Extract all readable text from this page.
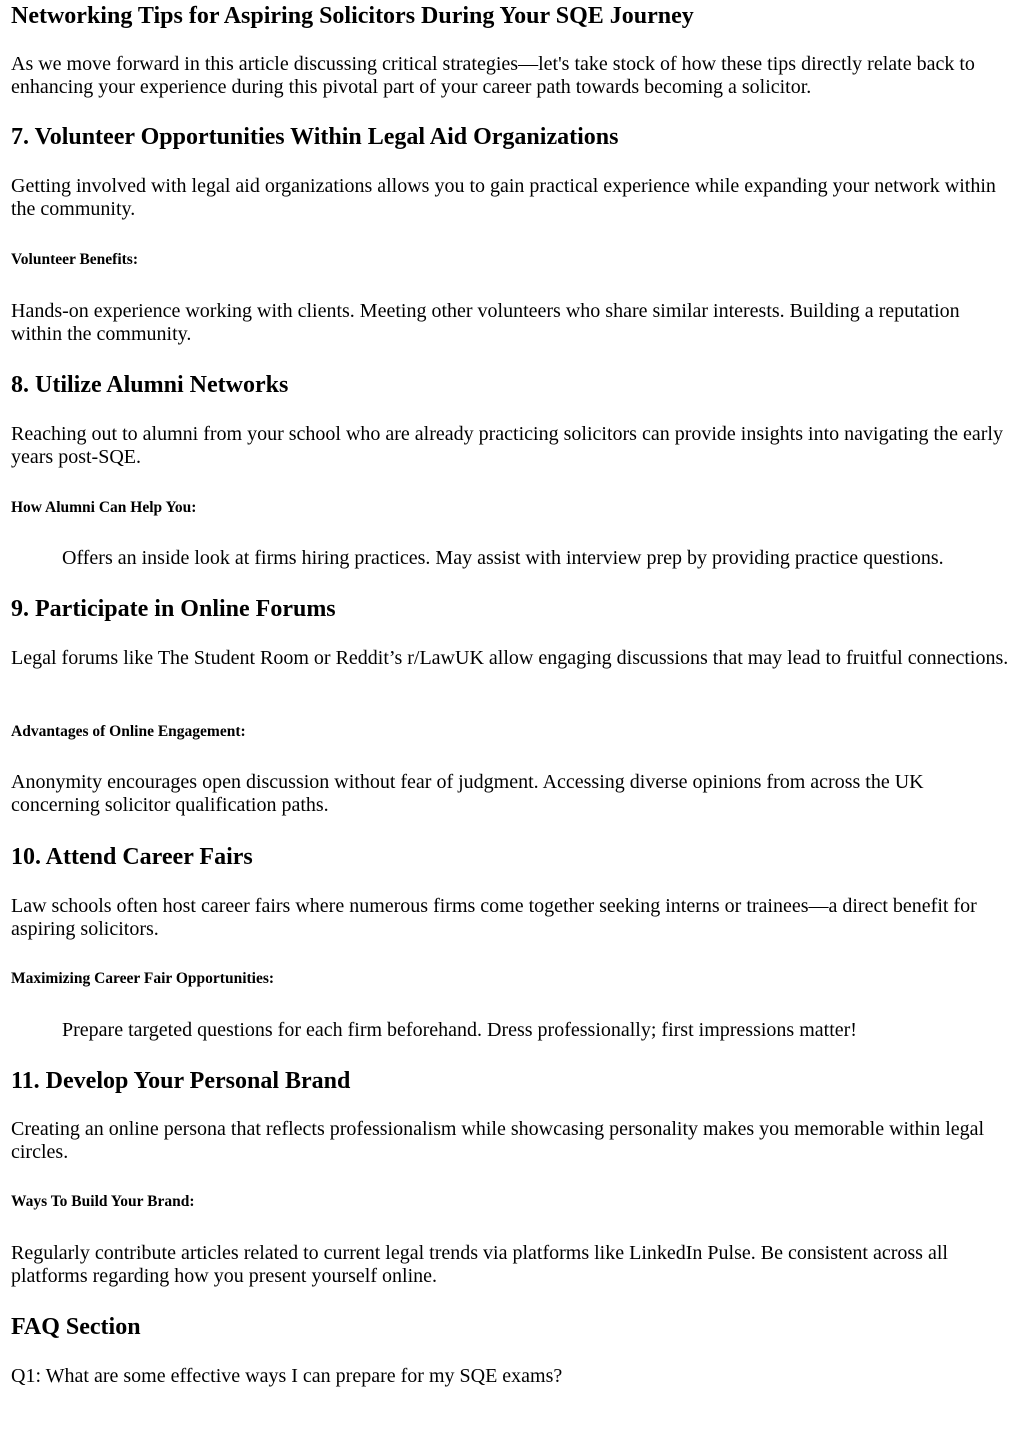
Networking Tips for Aspiring Solicitors During Your SQE Journey

As we move forward in this article discussing critical strategies—let's take stock of how these tips directly relate back to enhancing your experience during this pivotal part of your career path towards becoming a solicitor.

7. Volunteer Opportunities Within Legal Aid Organizations

Getting involved with legal aid organizations allows you to gain practical experience while expanding your network within the community.

Volunteer Benefits:

Hands-on experience working with clients. Meeting other volunteers who share similar interests. Building a reputation within the community.

8. Utilize Alumni Networks

Reaching out to alumni from your school who are already practicing solicitors can provide insights into navigating the early years post-SQE.

How Alumni Can Help You:

Offers an inside look at firms hiring practices. May assist with interview prep by providing practice questions.

9. Participate in Online Forums

Legal forums like The Student Room or Reddit’s r/LawUK allow engaging discussions that may lead to fruitful connections.

Advantages of Online Engagement:

Anonymity encourages open discussion without fear of judgment. Accessing diverse opinions from across the UK concerning solicitor qualification paths.

10. Attend Career Fairs

Law schools often host career fairs where numerous firms come together seeking interns or trainees—a direct benefit for aspiring solicitors.

Maximizing Career Fair Opportunities:

Prepare targeted questions for each firm beforehand. Dress professionally; first impressions matter!

11. Develop Your Personal Brand

Creating an online persona that reflects professionalism while showcasing personality makes you memorable within legal circles.

Ways To Build Your Brand:

Regularly contribute articles related to current legal trends via platforms like LinkedIn Pulse. Be consistent across all platforms regarding how you present yourself online.

FAQ Section

Q1: What are some effective ways I can prepare for my SQE exams?
